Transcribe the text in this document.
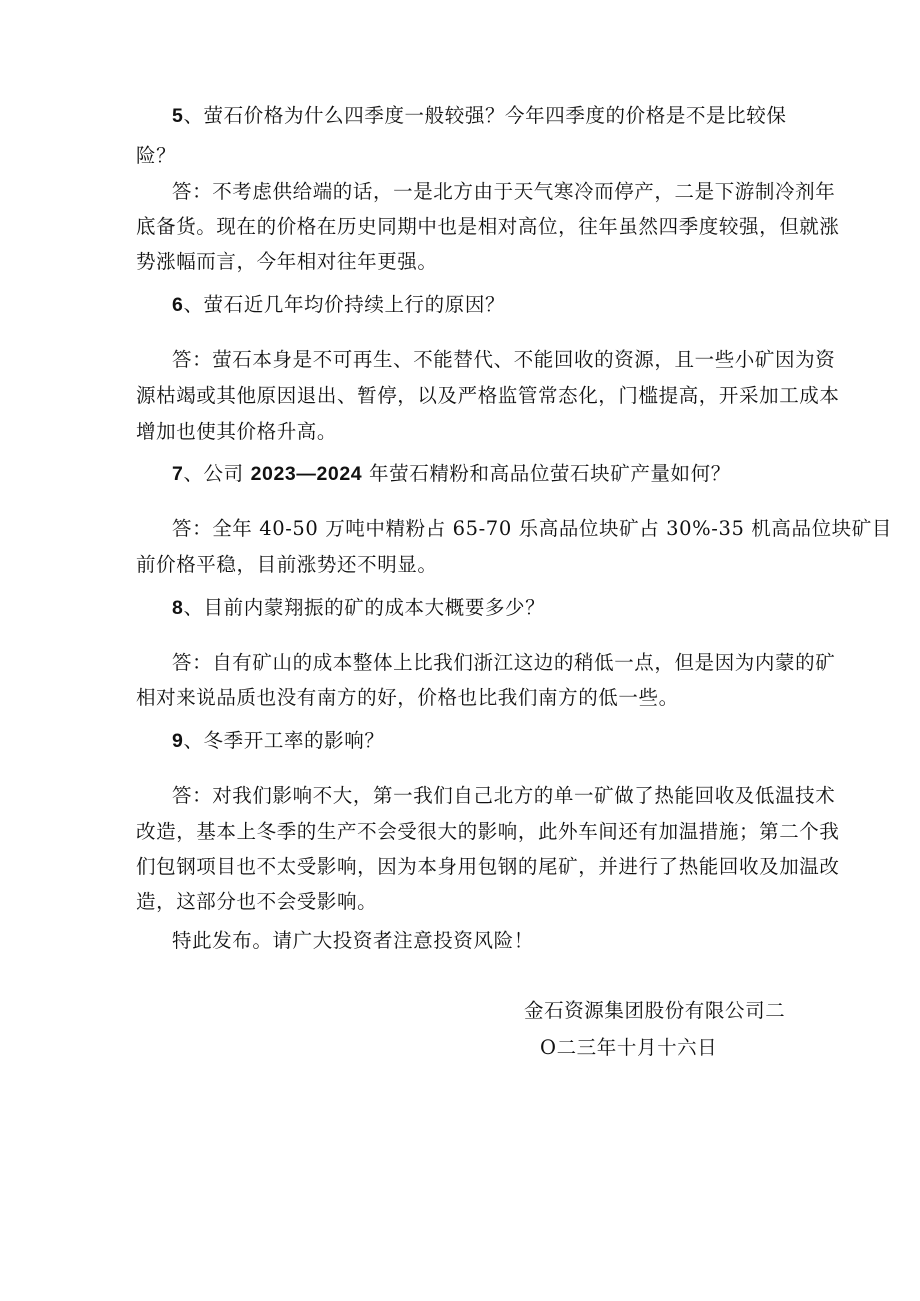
5、萤石价格为什么四季度一般较强？今年四季度的价格是不是比较保
险？
答：不考虑供给端的话，一是北方由于天气寒冷而停产，二是下游制冷剂年
底备货。现在的价格在历史同期中也是相对高位，往年虽然四季度较强，但就涨
势涨幅而言，今年相对往年更强。
6、萤石近几年均价持续上行的原因？
答：萤石本身是不可再生、不能替代、不能回收的资源，且一些小矿因为资
源枯竭或其他原因退出、暂停，以及严格监管常态化，门槛提高，开采加工成本
增加也使其价格升高。
7、公司 2023—2024 年萤石精粉和高品位萤石块矿产量如何？
答：全年 40-50 万吨中精粉占 65-70 乐高品位块矿占 30%-35 机高品位块矿目
前价格平稳，目前涨势还不明显。
8、目前内蒙翔振的矿的成本大概要多少？
答：自有矿山的成本整体上比我们浙江这边的稍低一点，但是因为内蒙的矿
相对来说品质也没有南方的好，价格也比我们南方的低一些。
9、冬季开工率的影响？
答：对我们影响不大，第一我们自己北方的单一矿做了热能回收及低温技术
改造，基本上冬季的生产不会受很大的影响，此外车间还有加温措施；第二个我
们包钢项目也不太受影响，因为本身用包钢的尾矿，并进行了热能回收及加温改
造，这部分也不会受影响。
特此发布。请广大投资者注意投资风险！
金石资源集团股份有限公司二
O二三年十月十六日
